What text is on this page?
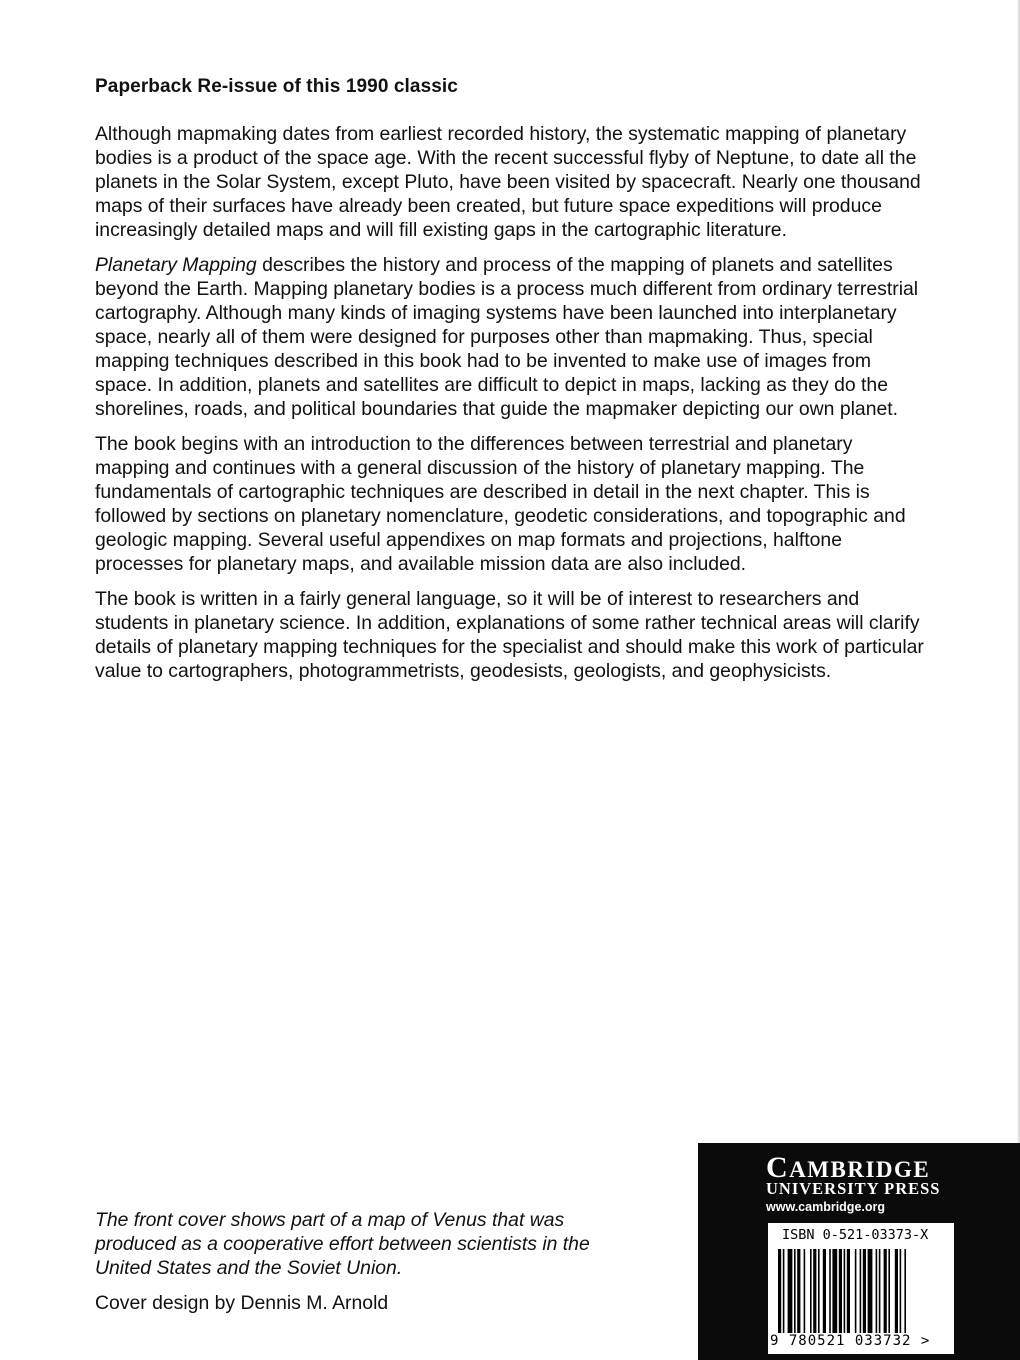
Paperback Re-issue of this 1990 classic

Although mapmaking dates from earliest recorded history, the systematic mapping of planetary bodies is a product of the space age. With the recent successful flyby of Neptune, to date all the planets in the Solar System, except Pluto, have been visited by spacecraft. Nearly one thousand maps of their surfaces have already been created, but future space expeditions will produce increasingly detailed maps and will fill existing gaps in the cartographic literature.

Planetary Mapping describes the history and process of the mapping of planets and satellites beyond the Earth. Mapping planetary bodies is a process much different from ordinary terrestrial cartography. Although many kinds of imaging systems have been launched into interplanetary space, nearly all of them were designed for purposes other than mapmaking. Thus, special mapping techniques described in this book had to be invented to make use of images from space. In addition, planets and satellites are difficult to depict in maps, lacking as they do the shorelines, roads, and political boundaries that guide the mapmaker depicting our own planet.

The book begins with an introduction to the differences between terrestrial and planetary mapping and continues with a general discussion of the history of planetary mapping. The fundamentals of cartographic techniques are described in detail in the next chapter. This is followed by sections on planetary nomenclature, geodetic considerations, and topographic and geologic mapping. Several useful appendixes on map formats and projections, halftone processes for planetary maps, and available mission data are also included.

The book is written in a fairly general language, so it will be of interest to researchers and students in planetary science. In addition, explanations of some rather technical areas will clarify details of planetary mapping techniques for the specialist and should make this work of particular value to cartographers, photogrammetrists, geodesists, geologists, and geophysicists.

The front cover shows part of a map of Venus that was produced as a cooperative effort between scientists in the United States and the Soviet Union.
Cover design by Dennis M. Arnold
CAMBRIDGE
UNIVERSITY PRESS
www.cambridge.org
ISBN 0-521-03373-X
9 780521 033732 >
